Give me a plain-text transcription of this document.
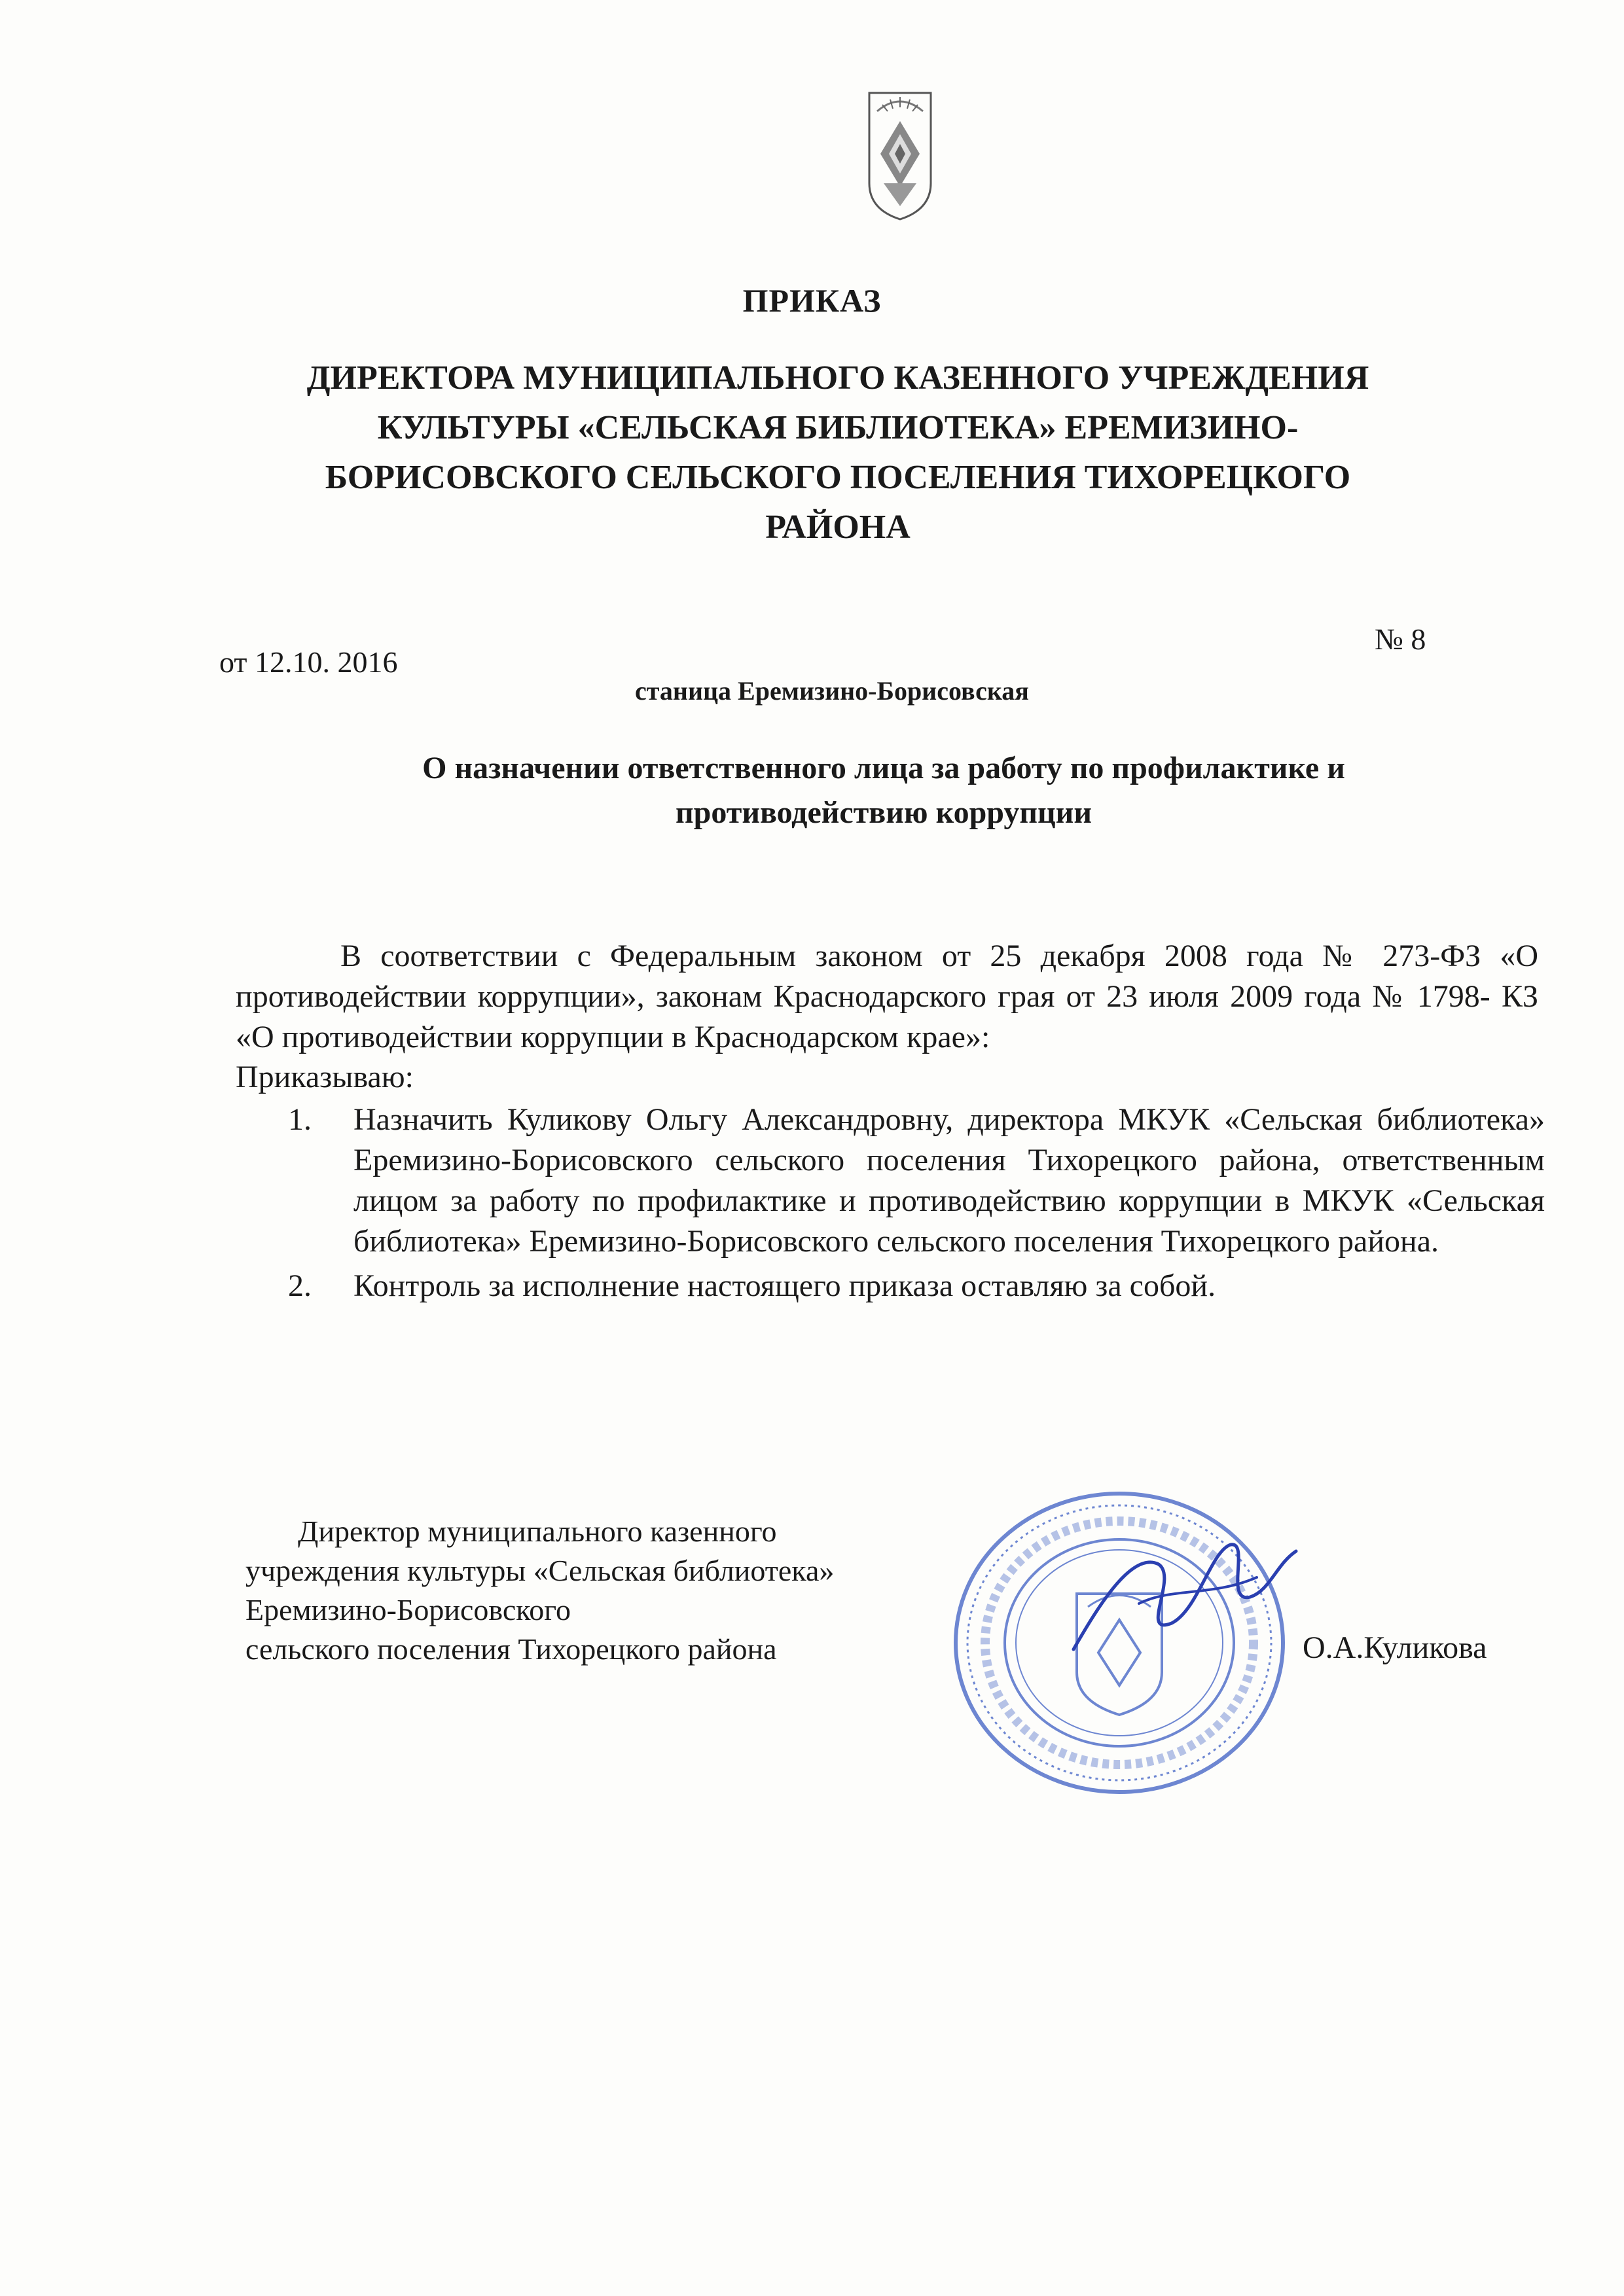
ПРИКАЗ
ДИРЕКТОРА МУНИЦИПАЛЬНОГО КАЗЕННОГО УЧРЕЖДЕНИЯ
КУЛЬТУРЫ «СЕЛЬСКАЯ БИБЛИОТЕКА» ЕРЕМИЗИНО-
БОРИСОВСКОГО СЕЛЬСКОГО ПОСЕЛЕНИЯ ТИХОРЕЦКОГО
РАЙОНА
от 12.10. 2016
№ 8
станица Еремизино-Борисовская
О назначении ответственного лица за работу по профилактике и
противодействию коррупции

В соответствии с Федеральным законом от 25 декабря 2008 года № 273-ФЗ «О противодействии коррупции», законам Краснодарского грая от 23 июля 2009 года № 1798- КЗ «О противодействии коррупции в Краснодарском крае»:

Приказываю:
1. Назначить Куликову Ольгу Александровну, директора МКУК «Сельская библиотека» Еремизино-Борисовского сельского поселения Тихорецкого района, ответственным лицом за работу по профилактике и противодействию коррупции в МКУК «Сельская библиотека» Еремизино-Борисовского сельского поселения Тихорецкого района.
2. Контроль за исполнение настоящего приказа оставляю за собой.
Директор муниципального казенного
учреждения культуры «Сельская библиотека»
Еремизино-Борисовского
сельского поселения Тихорецкого района	О.А.Куликова
